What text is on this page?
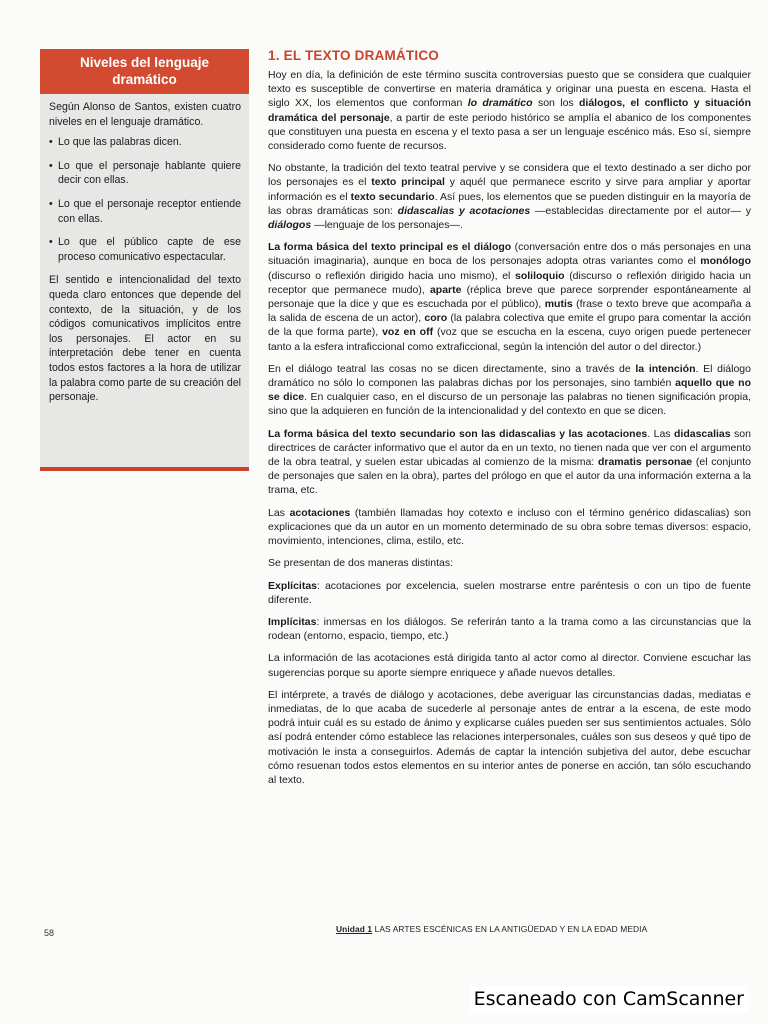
Niveles del lenguaje dramático

Según Alonso de Santos, existen cuatro niveles en el lenguaje dramático.

• Lo que las palabras dicen.
• Lo que el personaje hablante quiere decir con ellas.
• Lo que el personaje receptor entiende con ellas.
• Lo que el público capte de ese proceso comunicativo espectacular.

El sentido e intencionalidad del texto queda claro entonces que depende del contexto, de la situación, y de los códigos comunicativos implícitos entre los personajes. El actor en su interpretación debe tener en cuenta todos estos factores a la hora de utilizar la palabra como parte de su creación del personaje.

1. EL TEXTO DRAMÁTICO

Hoy en día, la definición de este término suscita controversias puesto que se considera que cualquier texto es susceptible de convertirse en materia dramática y originar una puesta en escena. Hasta el siglo XX, los elementos que conforman lo dramático son los diálogos, el conflicto y situación dramática del personaje, a partir de este periodo histórico se amplía el abanico de los componentes que constituyen una puesta en escena y el texto pasa a ser un lenguaje escénico más. Eso sí, siempre considerado como fuente de recursos.

No obstante, la tradición del texto teatral pervive y se considera que el texto destinado a ser dicho por los personajes es el texto principal y aquél que permanece escrito y sirve para ampliar y aportar información es el texto secundario. Así pues, los elementos que se pueden distinguir en la mayoría de las obras dramáticas son: didascalias y acotaciones —establecidas directamente por el autor— y diálogos —lenguaje de los personajes—.

La forma básica del texto principal es el diálogo (conversación entre dos o más personajes en una situación imaginaria), aunque en boca de los personajes adopta otras variantes como el monólogo (discurso o reflexión dirigido hacia uno mismo), el soliloquio (discurso o reflexión dirigido hacia un receptor que permanece mudo), aparte (réplica breve que parece sorprender espontáneamente al personaje que la dice y que es escuchada por el público), mutis (frase o texto breve que acompaña a la salida de escena de un actor), coro (la palabra colectiva que emite el grupo para comentar la acción de la que forma parte), voz en off (voz que se escucha en la escena, cuyo origen puede pertenecer tanto a la esfera intraficcional como extraficcional, según la intención del autor o del director.)

En el diálogo teatral las cosas no se dicen directamente, sino a través de la intención. El diálogo dramático no sólo lo componen las palabras dichas por los personajes, sino también aquello que no se dice. En cualquier caso, en el discurso de un personaje las palabras no tienen significación propia, sino que la adquieren en función de la intencionalidad y del contexto en que se dicen.

La forma básica del texto secundario son las didascalias y las acotaciones. Las didascalias son directrices de carácter informativo que el autor da en un texto, no tienen nada que ver con el argumento de la obra teatral, y suelen estar ubicadas al comienzo de la misma: dramatis personae (el conjunto de personajes que salen en la obra), partes del prólogo en que el autor da una información externa a la trama, etc.

Las acotaciones (también llamadas hoy cotexto e incluso con el término genérico didascalias) son explicaciones que da un autor en un momento determinado de su obra sobre temas diversos: espacio, movimiento, intenciones, clima, estilo, etc.

Se presentan de dos maneras distintas:

Explícitas: acotaciones por excelencia, suelen mostrarse entre paréntesis o con un tipo de fuente diferente.

Implícitas: inmersas en los diálogos. Se referirán tanto a la trama como a las circunstancias que la rodean (entorno, espacio, tiempo, etc.)

La información de las acotaciones está dirigida tanto al actor como al director. Conviene escuchar las sugerencias porque su aporte siempre enriquece y añade nuevos detalles.

El intérprete, a través de diálogo y acotaciones, debe averiguar las circunstancias dadas, mediatas e inmediatas, de lo que acaba de sucederle al personaje antes de entrar a la escena, de este modo podrá intuir cuál es su estado de ánimo y explicarse cuáles pueden ser sus sentimientos actuales. Sólo así podrá entender cómo establece las relaciones interpersonales, cuáles son sus deseos y qué tipo de motivación le insta a conseguirlos. Además de captar la intención subjetiva del autor, debe escuchar cómo resuenan todos estos elementos en su interior antes de ponerse en acción, tan sólo escuchando al texto.

58	Unidad 1 LAS ARTES ESCÉNICAS EN LA ANTIGÜEDAD Y EN LA EDAD MEDIA
Escaneado con CamScanner
